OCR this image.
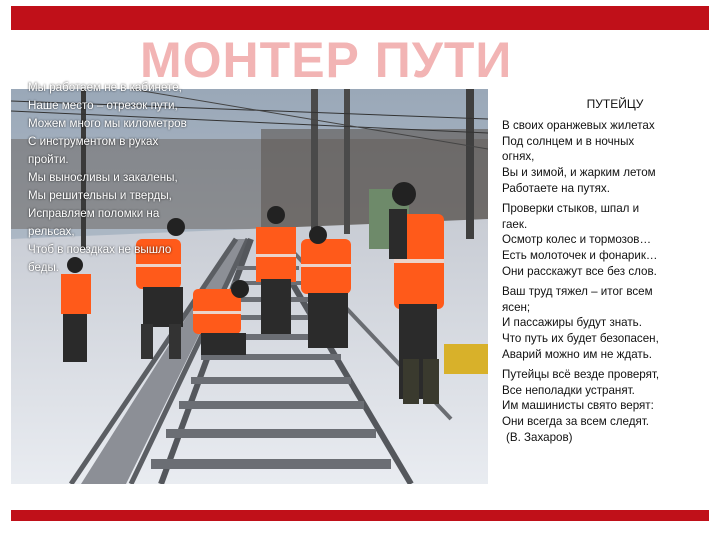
МОНТЕР ПУТИ
Мы работаем не в кабинете,
Наше место – отрезок пути,
Можем много мы километров
С инструментом в руках
пройти.
Мы выносливы и закалены,
Мы решительны и тверды,
Исправляем поломки на
рельсах,
Чтоб в поездках не вышло
беды.
ПУТЕЙЦУ
В своих оранжевых жилетах
Под солнцем и в ночных
огнях,
Вы и зимой, и жарким летом
Работаете на путях.
Проверки стыков, шпал и
гаек.
Осмотр колес и тормозов…
Есть молоточек и фонарик…
Они расскажут все без слов.
Ваш труд тяжел – итог всем
ясен;
И пассажиры будут знать.
Что путь их будет безопасен,
Аварий можно им не ждать.
Путейцы всё везде проверят,
Все неполадки устранят.
Им машинисты свято верят:
Они всегда за всем следят.
(В. Захаров)
